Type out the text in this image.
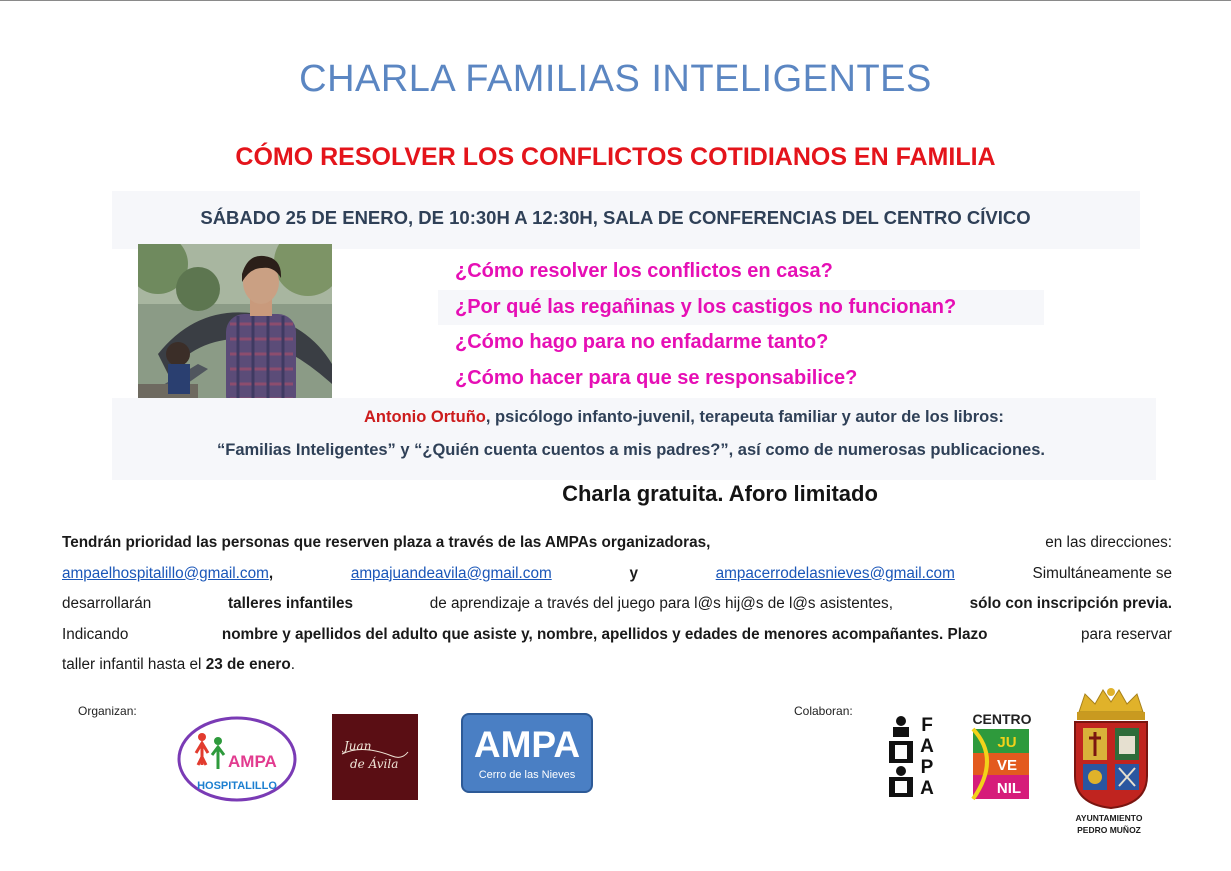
CHARLA FAMILIAS INTELIGENTES
CÓMO RESOLVER LOS CONFLICTOS COTIDIANOS EN FAMILIA
SÁBADO 25 DE ENERO, DE 10:30H A 12:30H, SALA DE CONFERENCIAS DEL CENTRO CÍVICO
¿Cómo resolver los conflictos en casa?
¿Por qué las regañinas y los castigos no funcionan?
¿Cómo hago para no enfadarme tanto?
¿Cómo hacer para que se responsabilice?
Antonio Ortuño, psicólogo infanto-juvenil, terapeuta familiar y autor de los libros:
“Familias Inteligentes” y “¿Quién cuenta cuentos a mis padres?”, así como de numerosas publicaciones.
Charla gratuita. Aforo limitado
Tendrán prioridad las personas que reserven plaza a través de las AMPAs organizadoras,	en las direcciones:
ampaelhospitalillo@gmail.com,	ampajuandeavila@gmail.com	y	ampacerrodelasnieves@gmail.com	Simultáneamente se
desarrollarán	talleres infantiles	de aprendizaje a través del juego para l@s hij@s de l@s asistentes,	sólo con inscripción previa.
Indicando	nombre y apellidos del adulto que asiste y, nombre, apellidos y edades de menores acompañantes. Plazo	para reservar
taller infantil hasta el
23 de enero .
Organizan:	Colaboran:
AMPA
HOSPITALILLO
Juan
de Ávila AMPA
Cerro de las Nieves
F
A
P
A
CENTRO
JU
VE
NIL
AYUNTAMIENTO
PEDRO MUÑOZ
